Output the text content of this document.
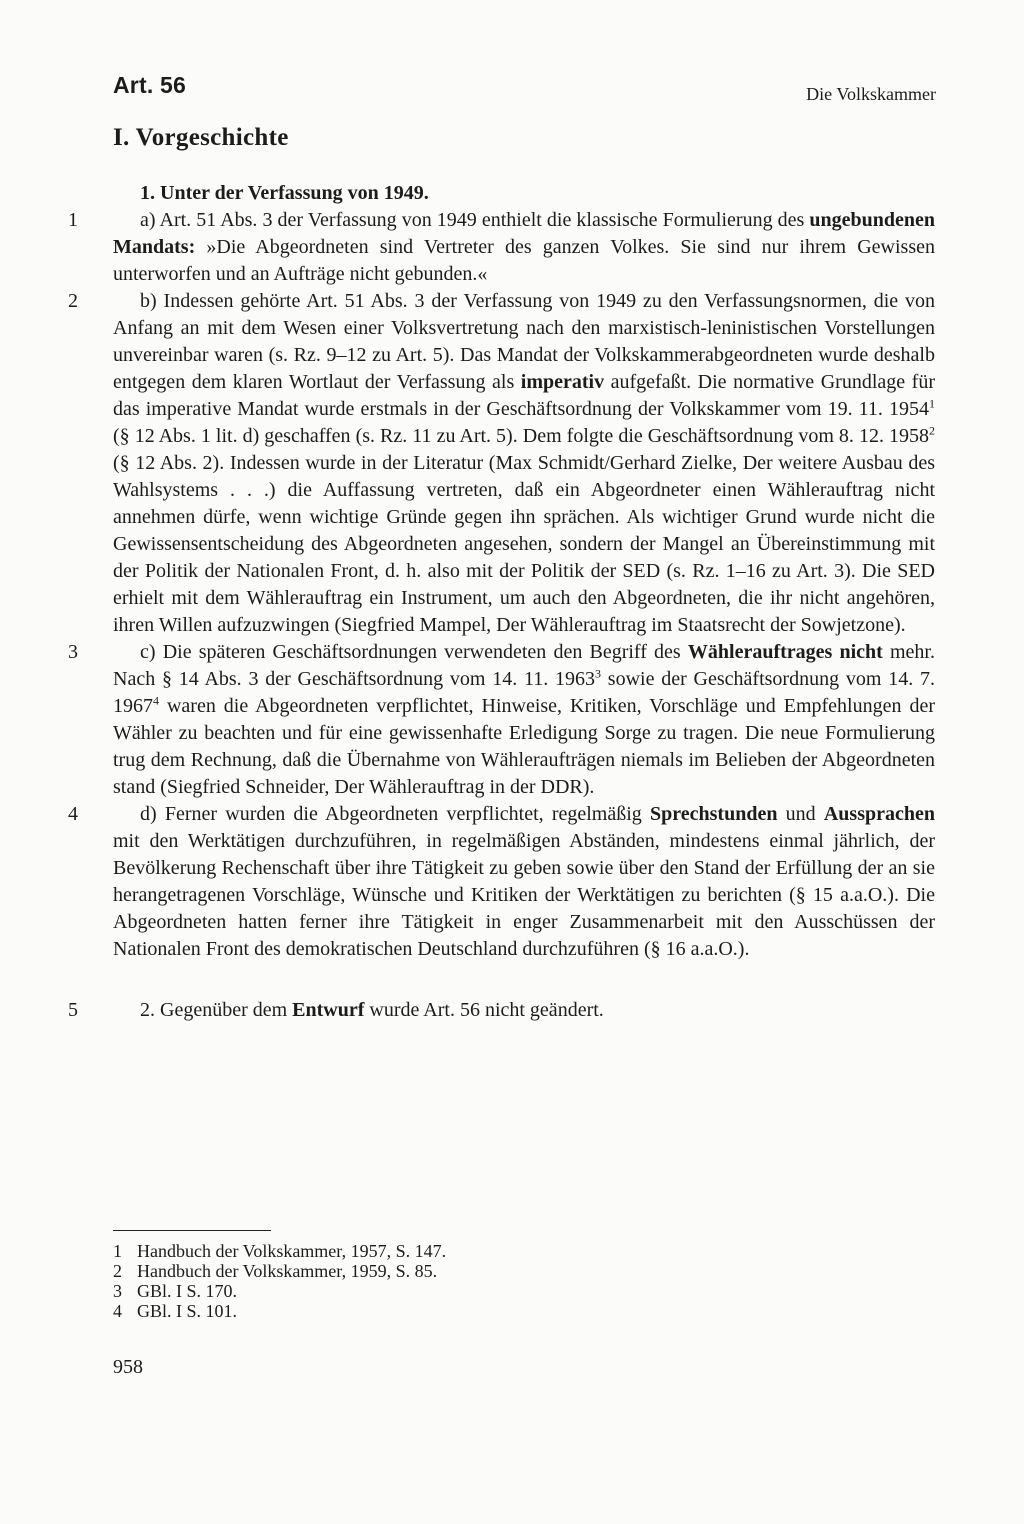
Art. 56	Die Volkskammer
I. Vorgeschichte

1. Unter der Verfassung von 1949.

1	a) Art. 51 Abs. 3 der Verfassung von 1949 enthielt die klassische Formulierung des ungebundenen Mandats: »Die Abgeordneten sind Vertreter des ganzen Volkes. Sie sind nur ihrem Gewissen unterworfen und an Aufträge nicht gebunden.«

2	b) Indessen gehörte Art. 51 Abs. 3 der Verfassung von 1949 zu den Verfassungsnormen, die von Anfang an mit dem Wesen einer Volksvertretung nach den marxistisch-leninistischen Vorstellungen unvereinbar waren (s. Rz. 9–12 zu Art. 5). Das Mandat der Volkskammerabgeordneten wurde deshalb entgegen dem klaren Wortlaut der Verfassung als imperativ aufgefaßt. Die normative Grundlage für das imperative Mandat wurde erstmals in der Geschäftsordnung der Volkskammer vom 19. 11. 1954$^1$ (§ 12 Abs. 1 lit. d) geschaffen (s. Rz. 11 zu Art. 5). Dem folgte die Geschäftsordnung vom 8. 12. 1958$^2$ (§ 12 Abs. 2). Indessen wurde in der Literatur (Max Schmidt/Gerhard Zielke, Der weitere Ausbau des Wahlsystems . . .) die Auffassung vertreten, daß ein Abgeordneter einen Wählerauftrag nicht annehmen dürfe, wenn wichtige Gründe gegen ihn sprächen. Als wichtiger Grund wurde nicht die Gewissensentscheidung des Abgeordneten angesehen, sondern der Mangel an Übereinstimmung mit der Politik der Nationalen Front, d. h. also mit der Politik der SED (s. Rz. 1–16 zu Art. 3). Die SED erhielt mit dem Wählerauftrag ein Instrument, um auch den Abgeordneten, die ihr nicht angehören, ihren Willen aufzuzwingen (Siegfried Mampel, Der Wählerauftrag im Staatsrecht der Sowjetzone).

3	c) Die späteren Geschäftsordnungen verwendeten den Begriff des Wählerauftrages nicht mehr. Nach § 14 Abs. 3 der Geschäftsordnung vom 14. 11. 1963$^3$ sowie der Geschäftsordnung vom 14. 7. 1967$^4$ waren die Abgeordneten verpflichtet, Hinweise, Kritiken, Vorschläge und Empfehlungen der Wähler zu beachten und für eine gewissenhafte Erledigung Sorge zu tragen. Die neue Formulierung trug dem Rechnung, daß die Übernahme von Wähleraufträgen niemals im Belieben der Abgeordneten stand (Siegfried Schneider, Der Wählerauftrag in der DDR).

4	d) Ferner wurden die Abgeordneten verpflichtet, regelmäßig Sprechstunden und Aussprachen mit den Werktätigen durchzuführen, in regelmäßigen Abständen, mindestens einmal jährlich, der Bevölkerung Rechenschaft über ihre Tätigkeit zu geben sowie über den Stand der Erfüllung der an sie herangetragenen Vorschläge, Wünsche und Kritiken der Werktätigen zu berichten (§ 15 a.a.O.). Die Abgeordneten hatten ferner ihre Tätigkeit in enger Zusammenarbeit mit den Ausschüssen der Nationalen Front des demokratischen Deutschland durchzuführen (§ 16 a.a.O.).

5	2. Gegenüber dem Entwurf wurde Art. 56 nicht geändert.

1 Handbuch der Volkskammer, 1957, S. 147.
2 Handbuch der Volkskammer, 1959, S. 85.
3 GBl. I S. 170.
4 GBl. I S. 101.
958
